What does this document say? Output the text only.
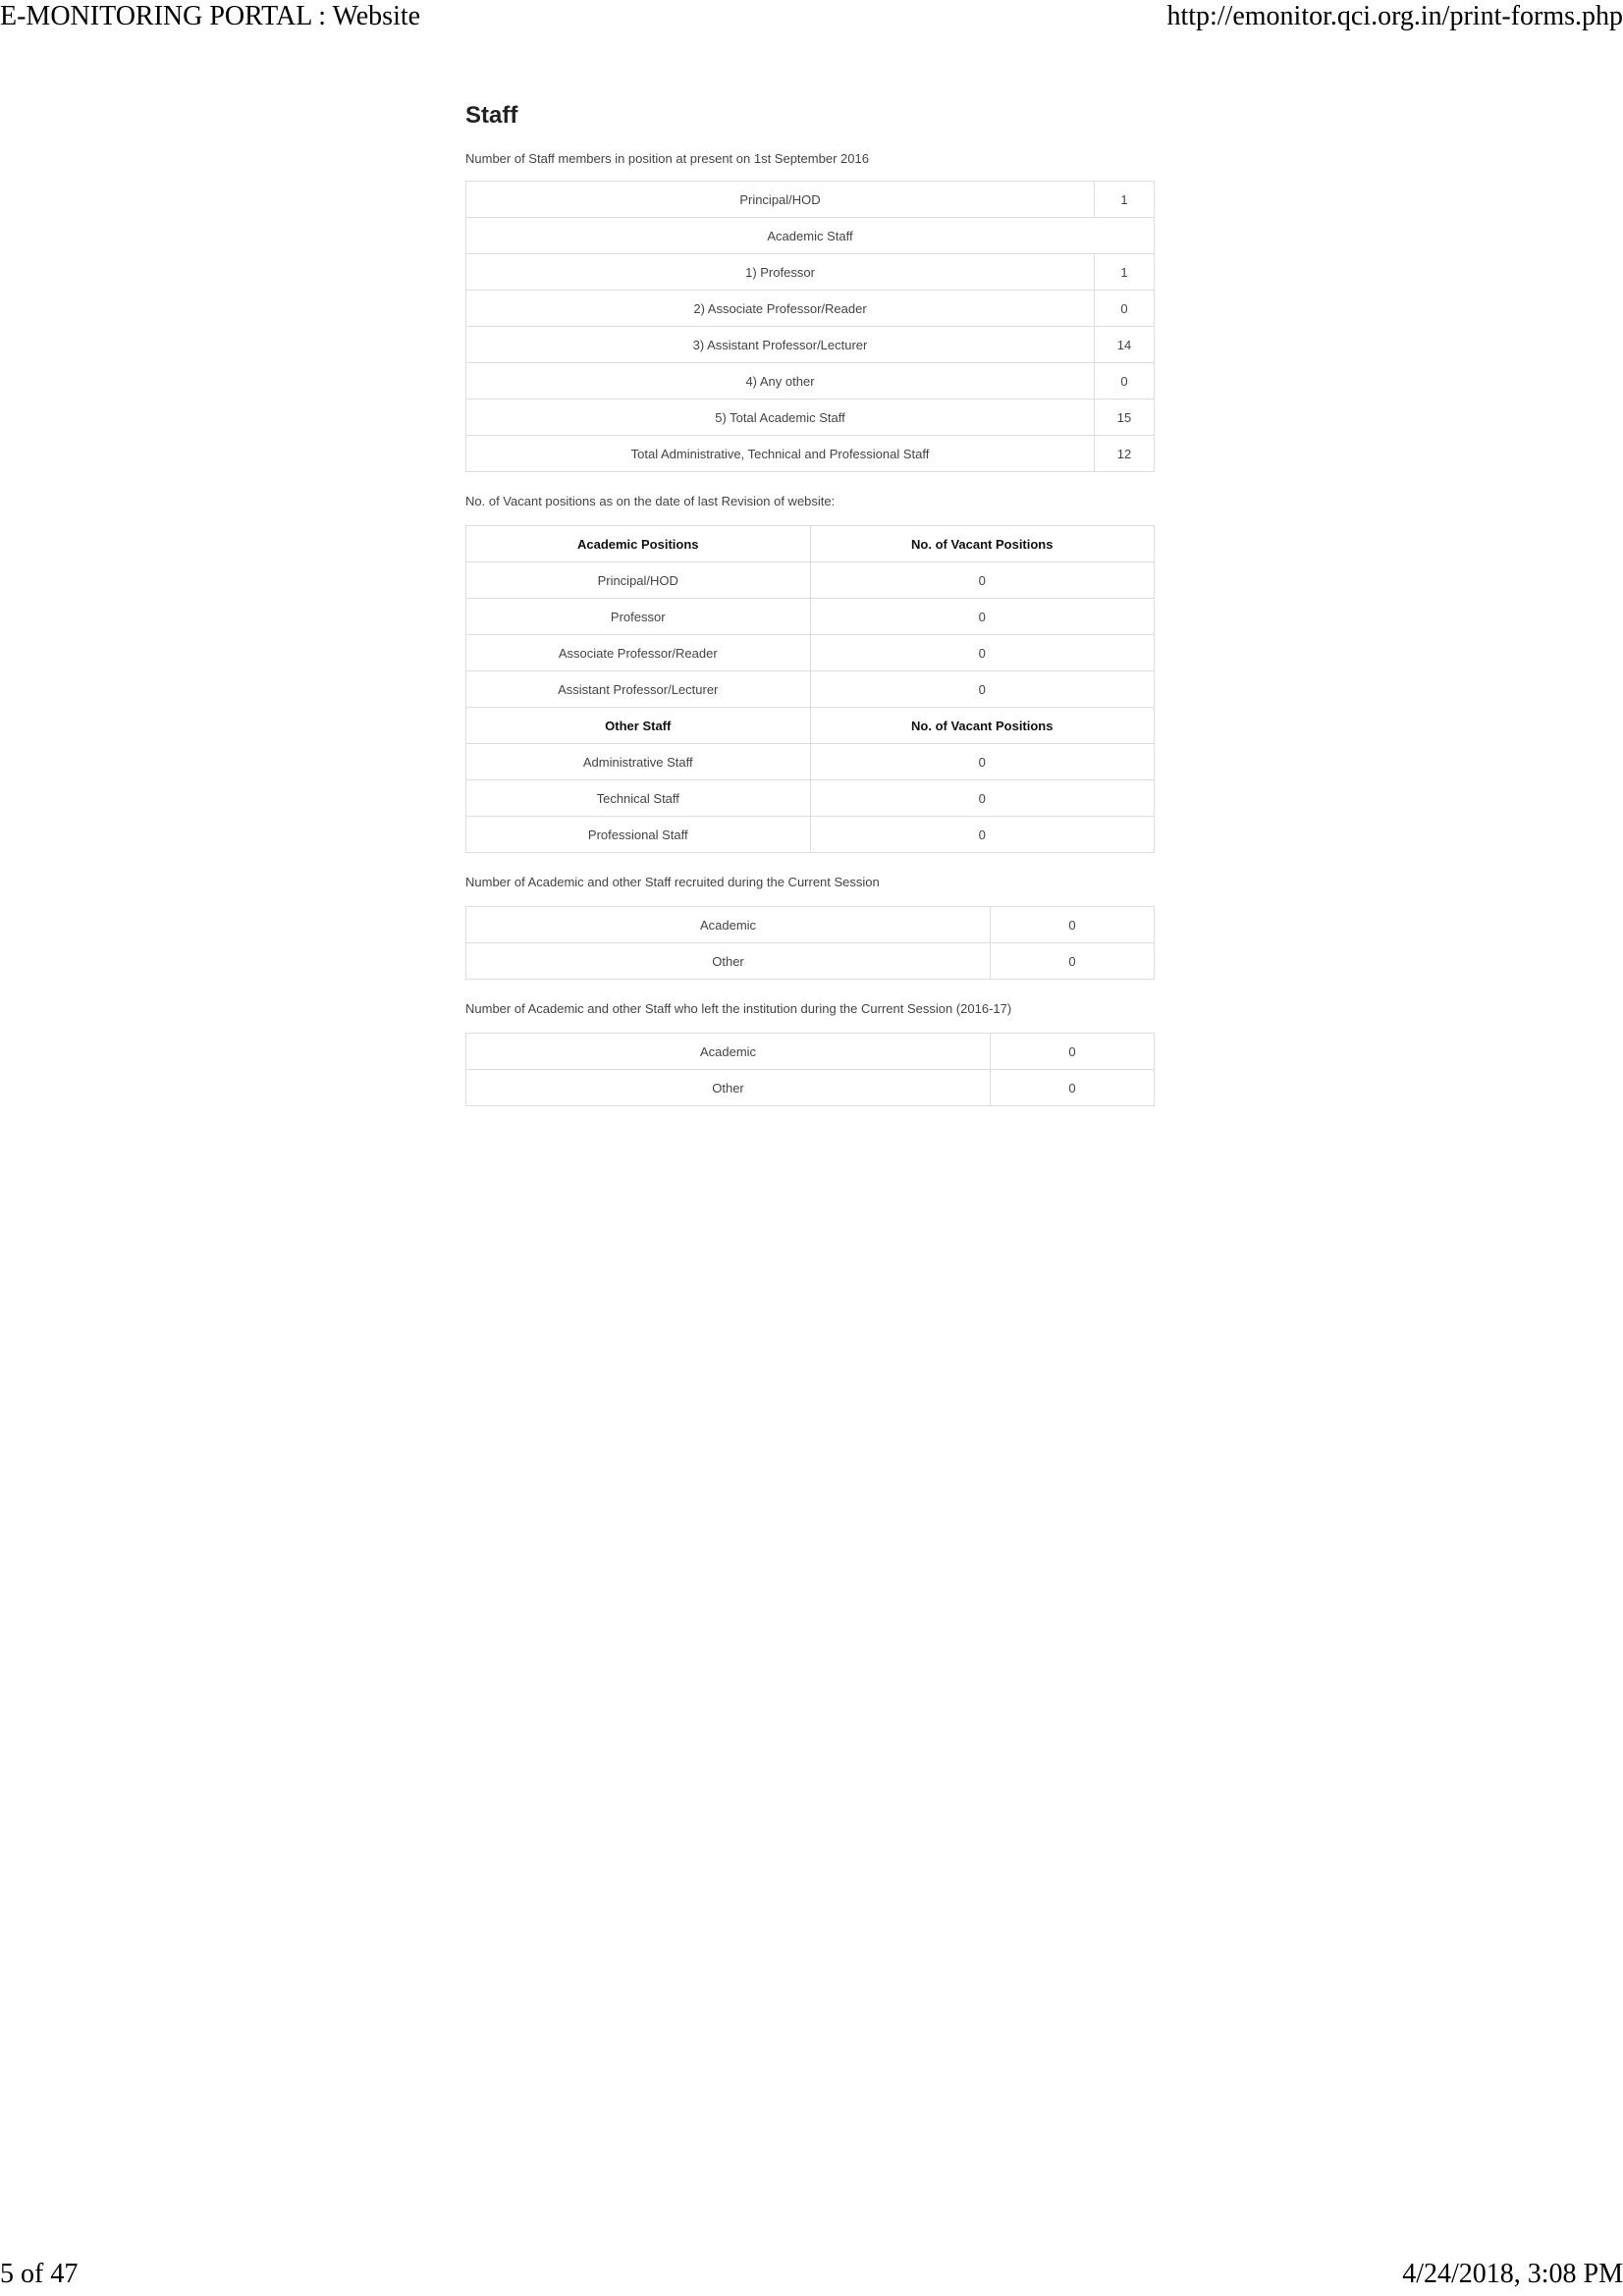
E-MONITORING PORTAL : Website	http://emonitor.qci.org.in/print-forms.php
Staff
Number of Staff members in position at present on 1st September 2016
Principal/HOD	1
Academic Staff	
1) Professor	1
2) Associate Professor/Reader	0
3) Assistant Professor/Lecturer	14
4) Any other	0
5) Total Academic Staff	15
Total Administrative, Technical and Professional Staff	12
No. of Vacant positions as on the date of last Revision of website:
Academic Positions	No. of Vacant Positions
Principal/HOD	0
Professor	0
Associate Professor/Reader	0
Assistant Professor/Lecturer	0
Other Staff	No. of Vacant Positions
Administrative Staff	0
Technical Staff	0
Professional Staff	0
Number of Academic and other Staff recruited during the Current Session
Academic	0
Other	0
Number of Academic and other Staff who left the institution during the Current Session (2016-17)
Academic	0
Other	0
5 of 47	4/24/2018, 3:08 PM
